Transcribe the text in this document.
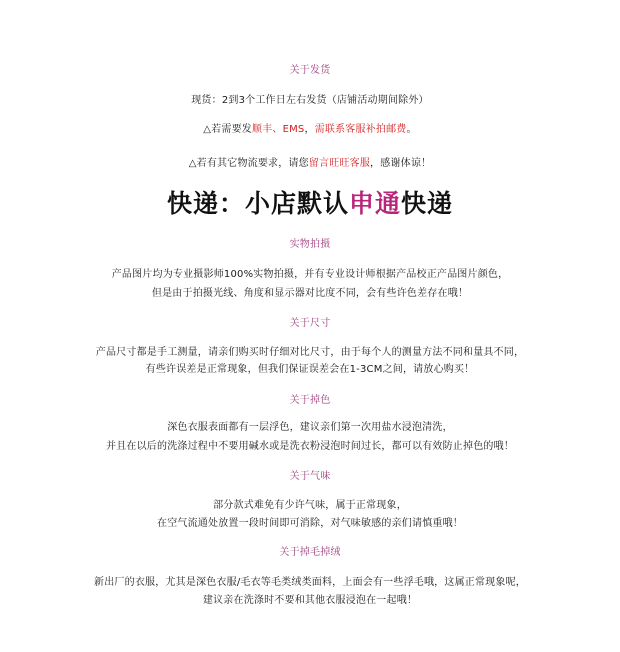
关于发货
现货：2到3个工作日左右发货（店铺活动期间除外）
△若需要发顺丰、EMS，需联系客服补拍邮费。
△若有其它物流要求，请您留言旺旺客服，感谢体谅！
快递：小店默认申通快递
实物拍摄
产品图片均为专业摄影师100%实物拍摄，并有专业设计师根据产品校正产品图片颜色，
但是由于拍摄光线、角度和显示器对比度不同，会有些许色差存在哦！
关于尺寸
产品尺寸都是手工测量，请亲们购买时仔细对比尺寸，由于每个人的测量方法不同和量具不同，
有些许误差是正常现象，但我们保证误差会在1-3CM之间，请放心购买！
关于掉色
深色衣服表面都有一层浮色，建议亲们第一次用盐水浸泡清洗，
并且在以后的洗涤过程中不要用碱水或是洗衣粉浸泡时间过长，都可以有效防止掉色的哦！
关于气味
部分款式难免有少许气味，属于正常现象，
在空气流通处放置一段时间即可消除，对气味敏感的亲们请慎重哦！
关于掉毛掉绒
新出厂的衣服，尤其是深色衣服/毛衣等毛类绒类面料，上面会有一些浮毛哦，这属正常现象呢，
建议亲在洗涤时不要和其他衣服浸泡在一起哦！
